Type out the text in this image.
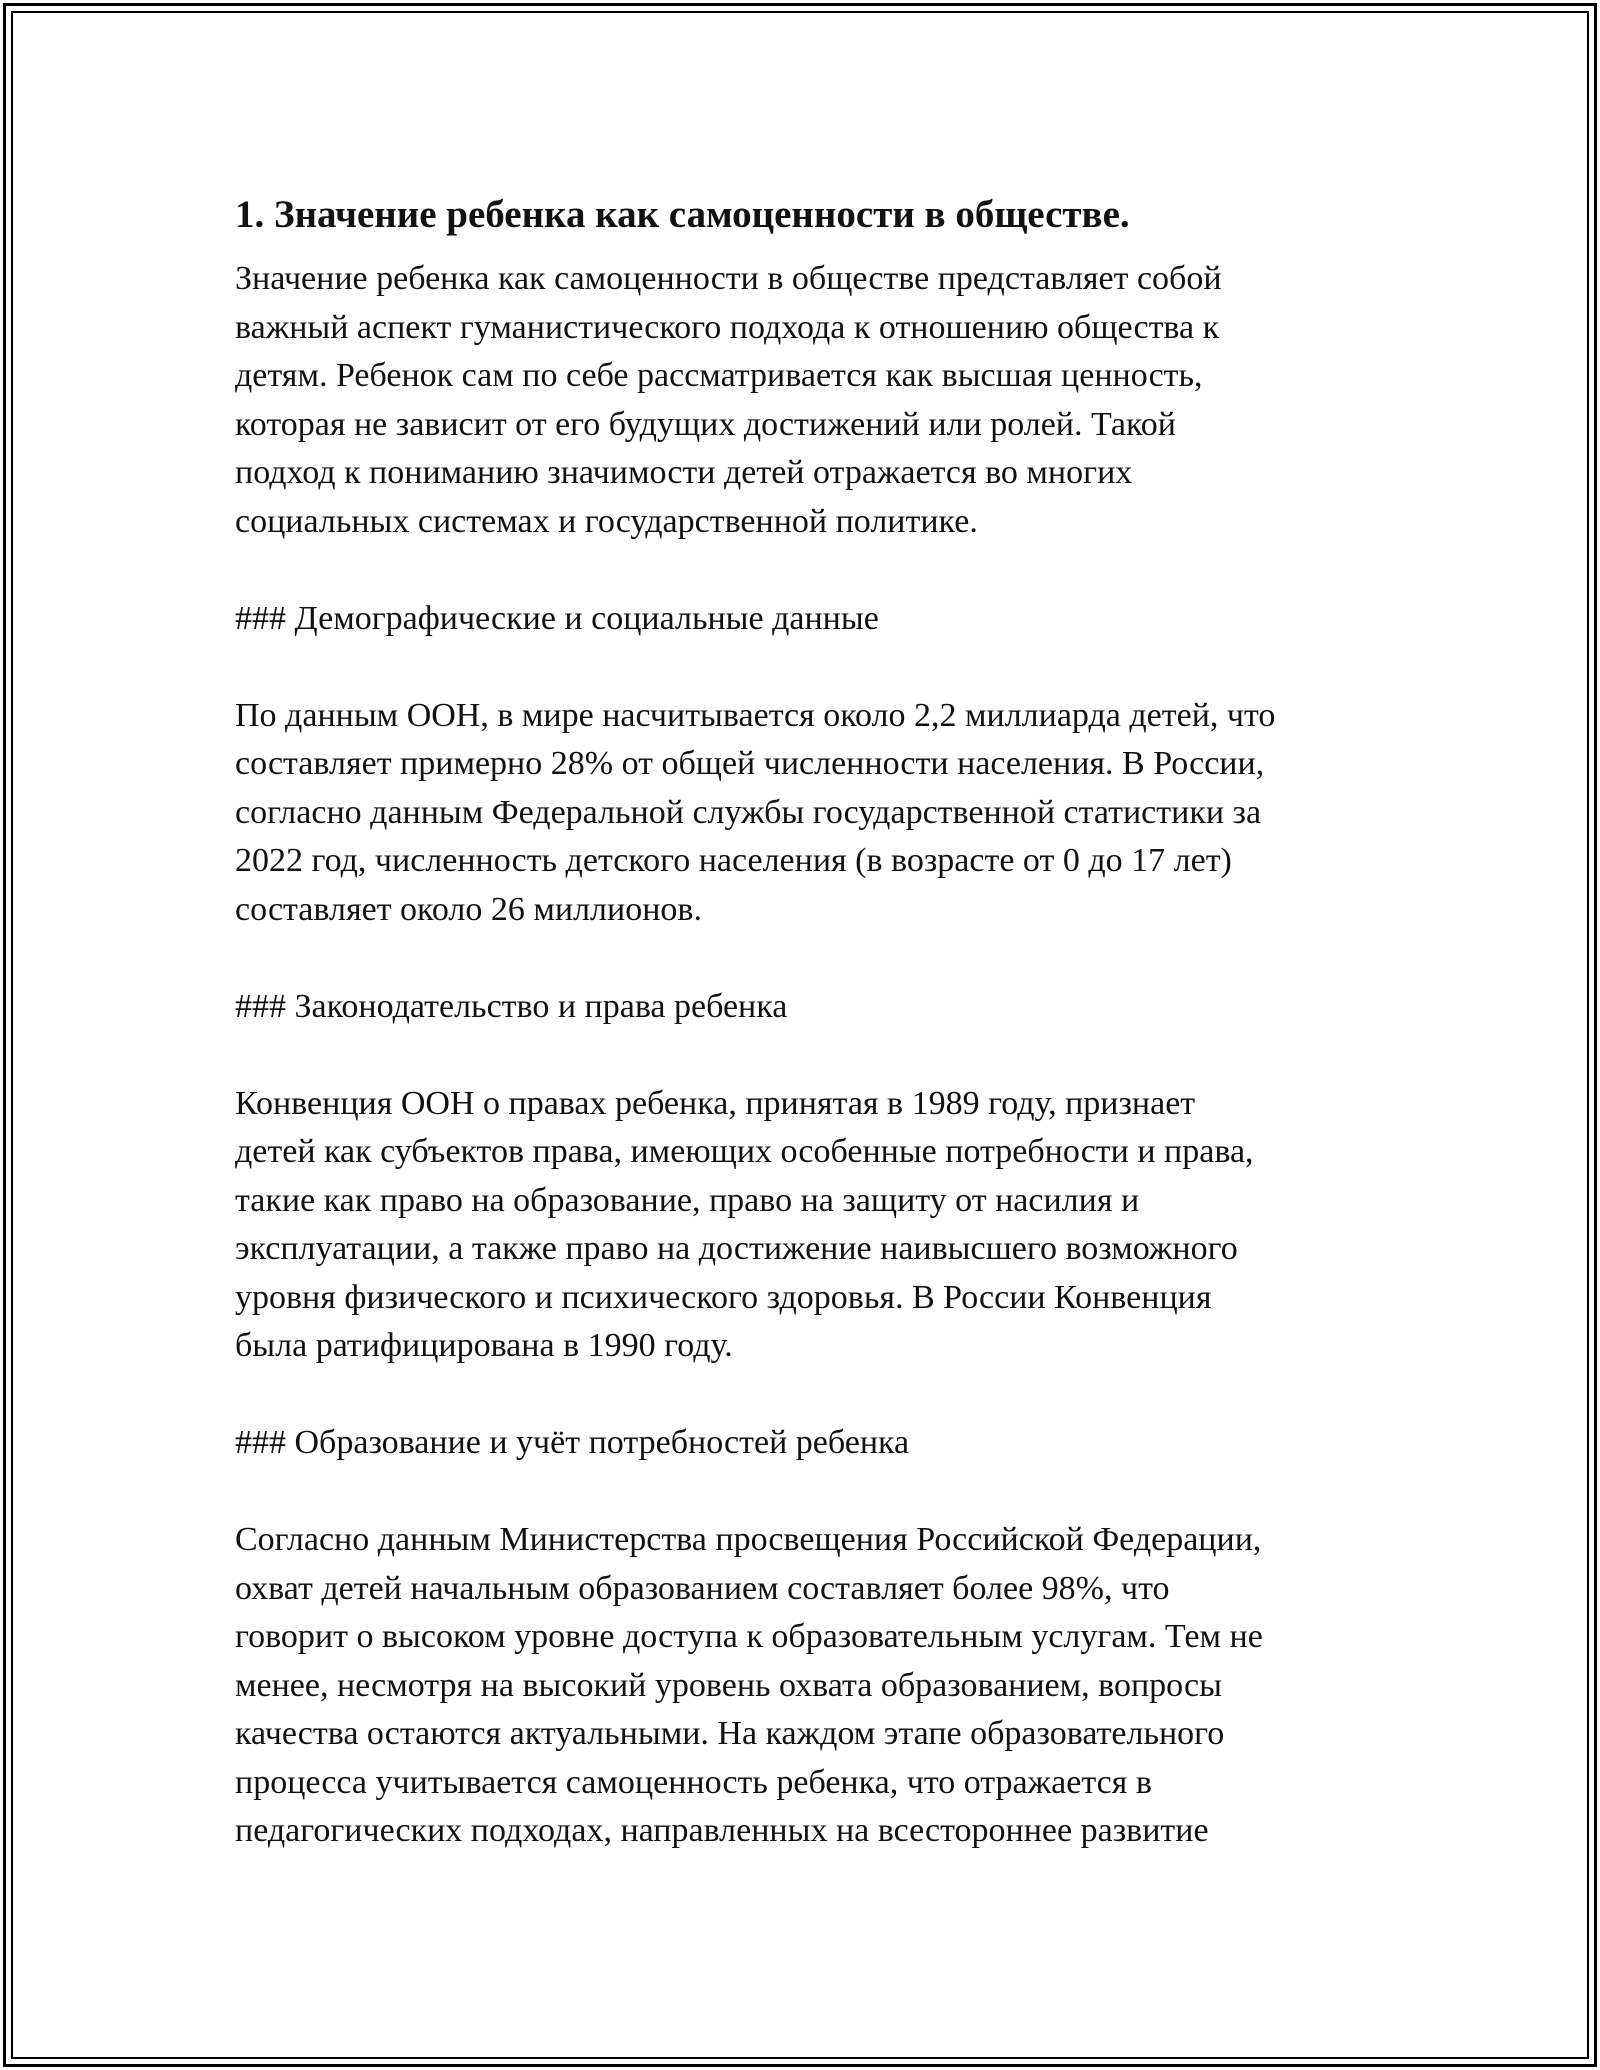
1. Значение ребенка как самоценности в обществе.

Значение ребенка как самоценности в обществе представляет собой
важный аспект гуманистического подхода к отношению общества к
детям. Ребенок сам по себе рассматривается как высшая ценность,
которая не зависит от его будущих достижений или ролей. Такой
подход к пониманию значимости детей отражается во многих
социальных системах и государственной политике.

### Демографические и социальные данные

По данным ООН, в мире насчитывается около 2,2 миллиарда детей, что
составляет примерно 28% от общей численности населения. В России,
согласно данным Федеральной службы государственной статистики за
2022 год, численность детского населения (в возрасте от 0 до 17 лет)
составляет около 26 миллионов.

### Законодательство и права ребенка

Конвенция ООН о правах ребенка, принятая в 1989 году, признает
детей как субъектов права, имеющих особенные потребности и права,
такие как право на образование, право на защиту от насилия и
эксплуатации, а также право на достижение наивысшего возможного
уровня физического и психического здоровья. В России Конвенция
была ратифицирована в 1990 году.

### Образование и учёт потребностей ребенка

Согласно данным Министерства просвещения Российской Федерации,
охват детей начальным образованием составляет более 98%, что
говорит о высоком уровне доступа к образовательным услугам. Тем не
менее, несмотря на высокий уровень охвата образованием, вопросы
качества остаются актуальными. На каждом этапе образовательного
процесса учитывается самоценность ребенка, что отражается в
педагогических подходах, направленных на всестороннее развитие
